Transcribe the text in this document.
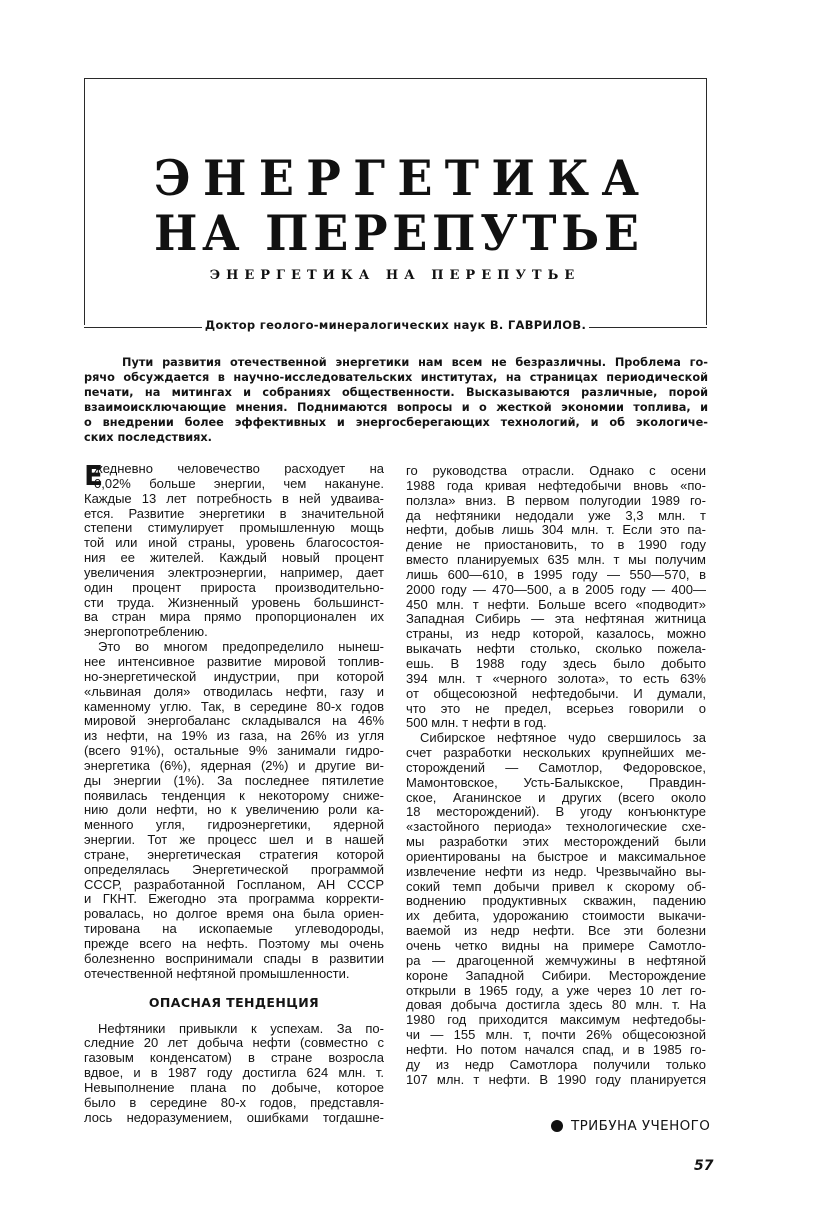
Э Н Е Р Г Е Т И К А
Н А
П Е Р Е П У Т Ь Е
ЭНЕРГЕТИКА НА ПЕРЕПУТЬЕ
Доктор геолого-минералогических наук В. ГАВРИЛОВ.
Пути развития отечественной энергетики нам всем не безразличны. Проблема го-
рячо обсуждается в научно-исследовательских институтах, на страницах периодической
печати, на митингах и собраниях общественности. Высказываются различные, порой
взаимоисключающие мнения. Поднимаются вопросы и о жесткой экономии топлива, и
о внедрении более эффективных и энергосберегающих технологий, и об экологиче-
ских последствиях.
Е
жедневно человечество расходует на
0,02% больше энергии, чем накануне.
Каждые 13 лет потребность в ней удваива-
ется. Развитие энергетики в значительной
степени стимулирует промышленную мощь
той или иной страны, уровень благосостоя-
ния ее жителей. Каждый новый процент
увеличения электроэнергии, например, дает
один процент прироста производительно-
сти труда. Жизненный уровень большинст-
ва стран мира прямо пропорционален их
энергопотреблению.
Это во многом предопределило нынеш-
нее интенсивное развитие мировой топлив-
но-энергетической индустрии, при которой
«львиная доля» отводилась нефти, газу и
каменному углю. Так, в середине 80-х годов
мировой энергобаланс складывался на 46%
из нефти, на 19% из газа, на 26% из угля
(всего 91%), остальные 9% занимали гидро-
энергетика (6%), ядерная (2%) и другие ви-
ды энергии (1%). За последнее пятилетие
появилась тенденция к некоторому сниже-
нию доли нефти, но к увеличению роли ка-
менного угля, гидроэнергетики, ядерной
энергии. Тот же процесс шел и в нашей
стране, энергетическая стратегия которой
определялась Энергетической программой
СССР, разработанной Госпланом, АН СССР
и ГКНТ. Ежегодно эта программа корректи-
ровалась, но долгое время она была ориен-
тирована на ископаемые углеводороды,
прежде всего на нефть. Поэтому мы очень
болезненно воспринимали спады в развитии
отечественной нефтяной промышленности.
ОПАСНАЯ ТЕНДЕНЦИЯ
Нефтяники привыкли к успехам. За по-
следние 20 лет добыча нефти (совместно с
газовым конденсатом) в стране возросла
вдвое, и в 1987 году достигла 624 млн. т.
Невыполнение плана по добыче, которое
было в середине 80-х годов, представля-
лось недоразумением, ошибками тогдашне-
го руководства отрасли. Однако с осени
1988 года кривая нефтедобычи вновь «по-
ползла» вниз. В первом полугодии 1989 го-
да нефтяники недодали уже 3,3 млн. т
нефти, добыв лишь 304 млн. т. Если это па-
дение не приостановить, то в 1990 году
вместо планируемых 635 млн. т мы получим
лишь 600—610, в 1995 году — 550—570, в
2000 году — 470—500, а в 2005 году — 400—
450 млн. т нефти. Больше всего «подводит»
Западная Сибирь — эта нефтяная житница
страны, из недр которой, казалось, можно
выкачать нефти столько, сколько пожела-
ешь. В 1988 году здесь было добыто
394 млн. т «черного золота», то есть 63%
от общесоюзной нефтедобычи. И думали,
что это не предел, всерьез говорили о
500 млн. т нефти в год.
Сибирское нефтяное чудо свершилось за
счет разработки нескольких крупнейших ме-
сторождений — Самотлор, Федоровское,
Мамонтовское, Усть-Балыкское, Правдин-
ское, Аганинское и других (всего около
18 месторождений). В угоду конъюнктуре
«застойного периода» технологические схе-
мы разработки этих месторождений были
ориентированы на быстрое и максимальное
извлечение нефти из недр. Чрезвычайно вы-
сокий темп добычи привел к скорому об-
воднению продуктивных скважин, падению
их дебита, удорожанию стоимости выкачи-
ваемой из недр нефти. Все эти болезни
очень четко видны на примере Самотло-
ра — драгоценной жемчужины в нефтяной
короне Западной Сибири. Месторождение
открыли в 1965 году, а уже через 10 лет го-
довая добыча достигла здесь 80 млн. т. На
1980 год приходится максимум нефтедобы-
чи — 155 млн. т, почти 26% общесоюзной
нефти. Но потом начался спад, и в 1985 го-
ду из недр Самотлора получили только
107 млн. т нефти. В 1990 году планируется
ТРИБУНА УЧЕНОГО
57
